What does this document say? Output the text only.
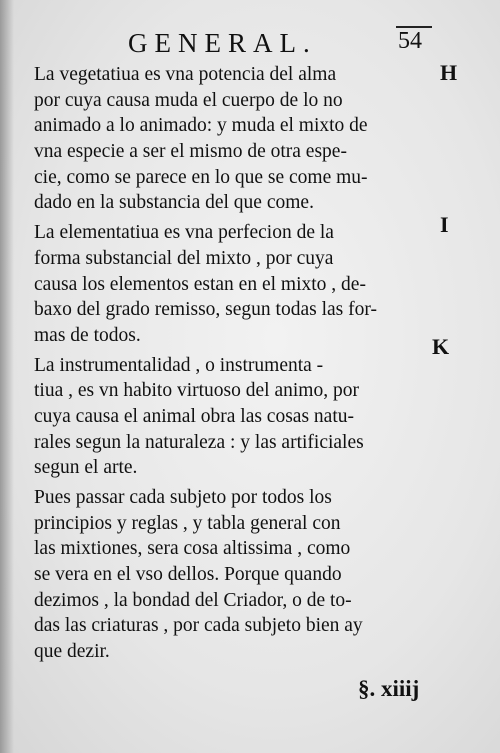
GENERAL.	54
La vegetatiua es vna potencia del alma
por cuya causa muda el cuerpo de lo no
animado a lo animado: y muda el mixto de
vna especie a ser el mismo de otra espe-
cie, como se parece en lo que se come mu-
dado en la substancia del que come.
La elementatiua es vna perfecion de la
forma substancial del mixto , por cuya
causa los elementos estan en el mixto , de-
baxo del grado remisso, segun todas las for-
mas de todos.
La instrumentalidad , o instrumenta -
tiua , es vn habito virtuoso del animo, por
cuya causa el animal obra las cosas natu-
rales segun la naturaleza : y las artificiales
segun el arte.
Pues passar cada subjeto por todos los
principios y reglas , y tabla general con
las mixtiones, sera cosa altissima , como
se vera en el vso dellos. Porque quando
dezimos , la bondad del Criador, o de to-
das las criaturas , por cada subjeto bien ay
que dezir.
H
I
K
§. xiiij
